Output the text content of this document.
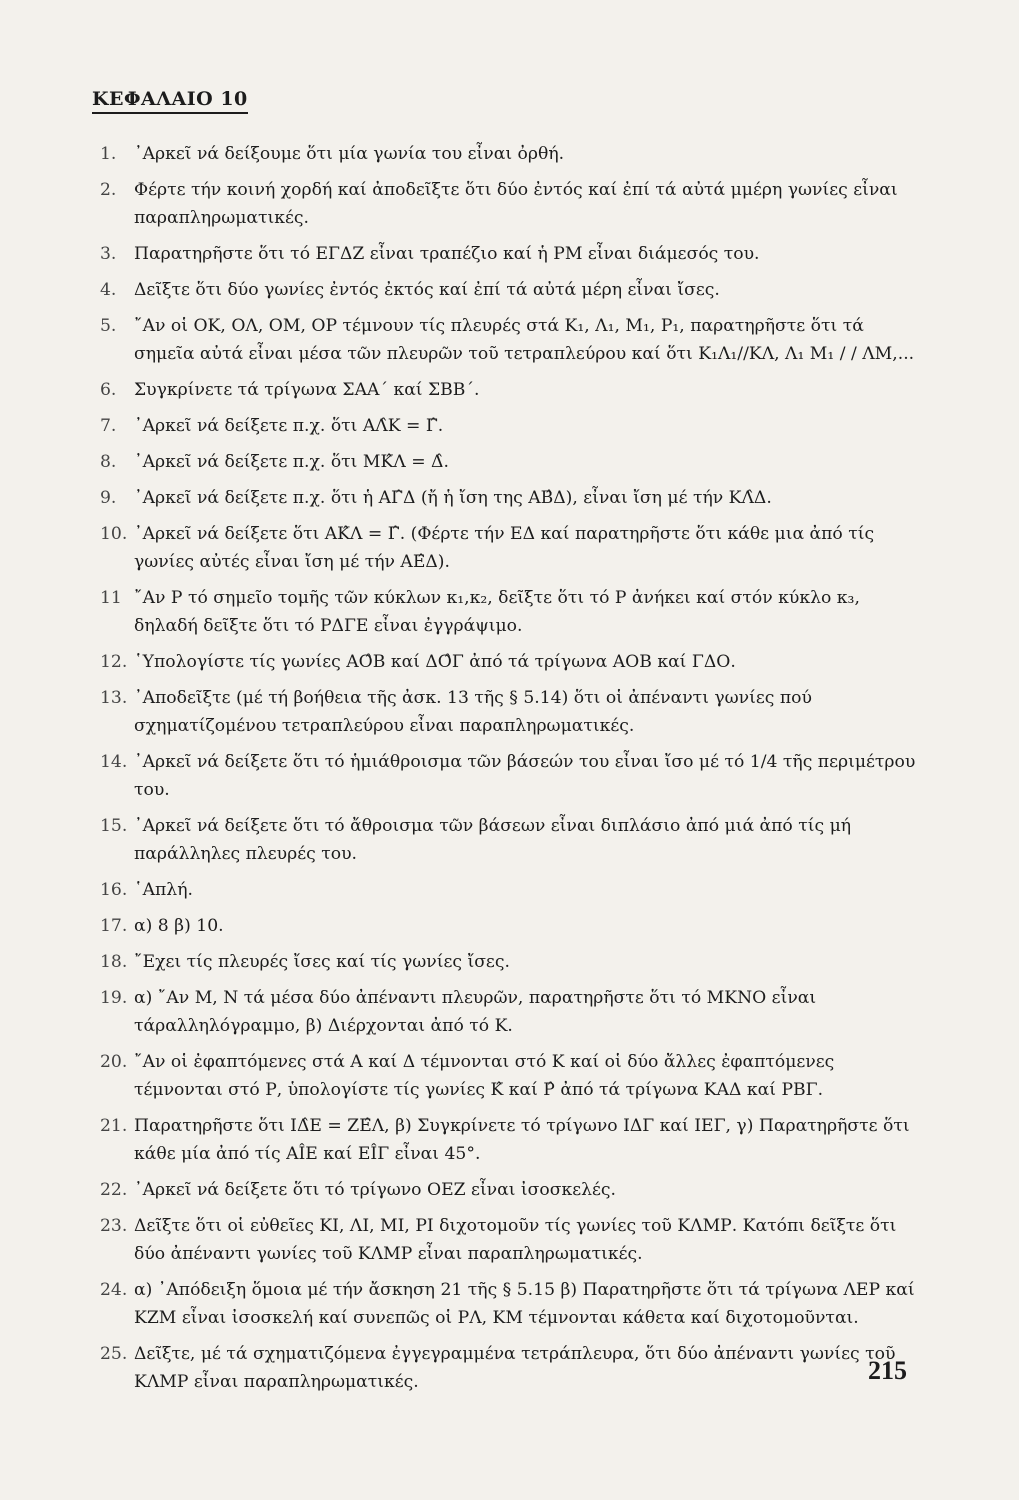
ΚΕΦΑΛΑΙΟ 10
1.	᾿Αρκεῖ νά δείξουμε ὅτι μία γωνία του εἶναι ὀρθή.
2.	Φέρτε τήν κοινή χορδή καί ἀποδεῖξτε ὅτι δύο ἐντός καί ἐπί τά αὐτά μμέρη γωνίες εἶναι παραπληρωματικές.
3.	Παρατηρῆστε ὅτι τό ΕΓΔΖ εἶναι τραπέζιο καί ἡ ΡΜ εἶναι διάμεσός του.
4.	Δεῖξτε ὅτι δύο γωνίες ἐντός ἐκτός καί ἐπί τά αὐτά μέρη εἶναι ἴσες.
5.	῎Αν οἱ ΟΚ, ΟΛ, ΟΜ, ΟΡ τέμνουν τίς πλευρές στά Κ₁, Λ₁, Μ₁, Ρ₁, παρατηρῆστε ὅτι τά σημεῖα αὐτά εἶναι μέσα τῶν πλευρῶν τοῦ τετραπλεύρου καί ὅτι Κ₁Λ₁//ΚΛ, Λ₁ Μ₁ / / ΛΜ,...
6.	Συγκρίνετε τά τρίγωνα ΣΑΑ΄ καί ΣΒΒ΄.
7.	᾿Αρκεῖ νά δείξετε π.χ. ὅτι ΑΛ̂Κ = Γ̂.
8.	᾿Αρκεῖ νά δείξετε π.χ. ὅτι ΜΚ̂Λ = Δ̂.
9.	᾿Αρκεῖ νά δείξετε π.χ. ὅτι ἡ ΑΓ̂Δ (ἤ ἡ ἴση της ΑΒ̂Δ), εἶναι ἴση μέ τήν ΚΛ̂Δ.
10. ᾿Αρκεῖ νά δείξετε ὅτι ΑΚ̂Λ = Γ̂. (Φέρτε τήν ΕΔ καί παρατηρῆστε ὅτι κάθε μια ἀπό τίς γωνίες αὐτές εἶναι ἴση μέ τήν ΑΕ̂Δ).
11 ῎Αν Ρ τό σημεῖο τομῆς τῶν κύκλων κ₁,κ₂, δεῖξτε ὅτι τό Ρ ἀνήκει καί στόν κύκλο κ₃, δηλαδή δεῖξτε ὅτι τό ΡΔΓΕ εἶναι ἐγγράψιμο.
12. ῾Υπολογίστε τίς γωνίες ΑΟ̂Β καί ΔΟ̂Γ ἀπό τά τρίγωνα ΑΟΒ καί ΓΔΟ.
13. ᾿Αποδεῖξτε (μέ τή βοήθεια τῆς ἀσκ. 13 τῆς § 5.14) ὅτι οἱ ἀπέναντι γωνίες πού σχηματίζομένου τετραπλεύρου εἶναι παραπληρωματικές.
14. ᾿Αρκεῖ νά δείξετε ὅτι τό ἡμιάθροισμα τῶν βάσεών του εἶναι ἴσο μέ τό 1/4 τῆς περιμέτρου του.
15. ᾿Αρκεῖ νά δείξετε ὅτι τό ἄθροισμα τῶν βάσεων εἶναι διπλάσιο ἀπό μιά ἀπό τίς μή παράλληλες πλευρές του.
16. ῾Απλή.
17. α) 8 β) 10.
18. ῎Εχει τίς πλευρές ἴσες καί τίς γωνίες ἴσες.
19. α) ῎Αν Μ, Ν τά μέσα δύο ἀπέναντι πλευρῶν, παρατηρῆστε ὅτι τό ΜΚΝΟ εἶναι τάραλληλόγραμμο, β) Διέρχονται ἀπό τό Κ.
20. ῎Αν οἱ ἐφαπτόμενες στά Α καί Δ τέμνονται στό Κ καί οἱ δύο ἄλλες ἐφαπτόμενες τέμνονται στό Ρ, ὑπολογίστε τίς γωνίες Κ̂ καί Ρ̂ ἀπό τά τρίγωνα ΚΑΔ καί ΡΒΓ.
21. Παρατηρῆστε ὅτι ΙΔ̂Ε = ΖΕ̂Λ, β) Συγκρίνετε τό τρίγωνο ΙΔΓ καί ΙΕΓ, γ) Παρατηρῆστε ὅτι κάθε μία ἀπό τίς ΑÎΕ καί ΕÎΓ εἶναι 45°.
22. ᾿Αρκεῖ νά δείξετε ὅτι τό τρίγωνο ΟΕΖ εἶναι ἰσοσκελές.
23. Δεῖξτε ὅτι οἱ εὐθεῖες ΚΙ, ΛΙ, ΜΙ, ΡΙ διχοτομοῦν τίς γωνίες τοῦ ΚΛΜΡ. Κατόπι δεῖξτε ὅτι δύο ἀπέναντι γωνίες τοῦ ΚΛΜΡ εἶναι παραπληρωματικές.
24. α) ᾿Απόδειξη ὅμοια μέ τήν ἄσκηση 21 τῆς § 5.15 β) Παρατηρῆστε ὅτι τά τρίγωνα ΛΕΡ καί ΚΖΜ εἶναι ἰσοσκελή καί συνεπῶς οἱ ΡΛ, ΚΜ τέμνονται κάθετα καί διχοτομοῦνται.
25. Δεῖξτε, μέ τά σχηματιζόμενα ἐγγεγραμμένα τετράπλευρα, ὅτι δύο ἀπέναντι γωνίες τοῦ ΚΛΜΡ εἶναι παραπληρωματικές.	215
